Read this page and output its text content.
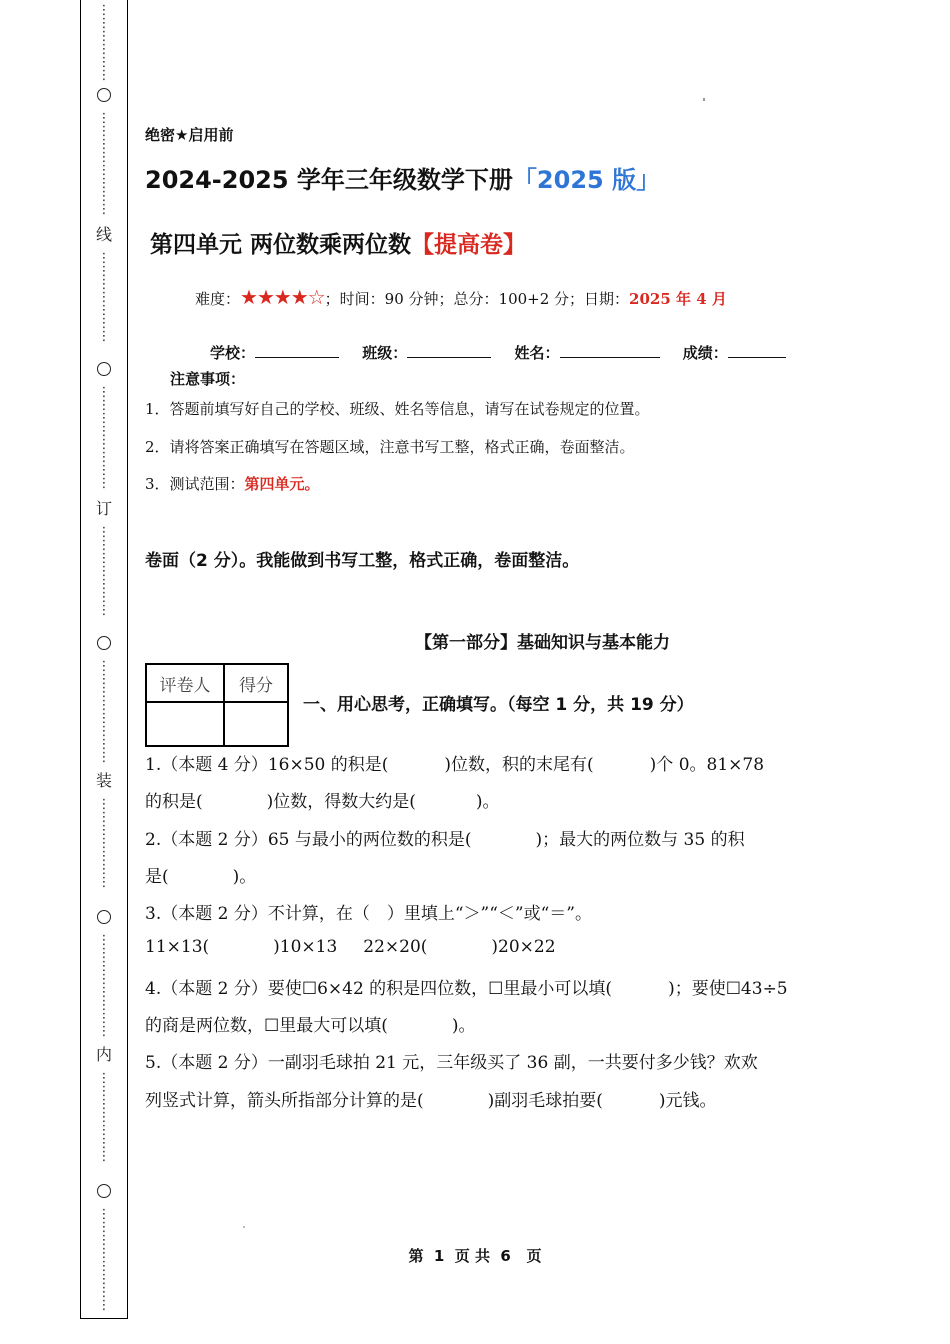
⋮
⋮
⋮
⋮
⋮
⋮
⋮
⋮
⋮
⋮
⋮
⋮
⋮
⋮
线
⋮
⋮
⋮
⋮
⋮
⋮
⋮
⋮
⋮
⋮
⋮
⋮
⋮
⋮
⋮
订
⋮
⋮
⋮
⋮
⋮
⋮
⋮
⋮
⋮
⋮
⋮
⋮
⋮
⋮
⋮
装
⋮
⋮
⋮
⋮
⋮
⋮
⋮
⋮
⋮
⋮
⋮
⋮
⋮
⋮
⋮
内
⋮
⋮
⋮
⋮
⋮
⋮
⋮
⋮
⋮
⋮
⋮
⋮
⋮
⋮
⋮
绝密★启用前
2024-2025 学年三年级数学下册「2025 版」
第四单元 两位数乘两位数【提高卷】
难度：★★★★☆；时间：90 分钟；总分：100+2 分；日期：2025 年 4 月
学校：	班级：	姓名：	成绩：
注意事项：
1．答题前填写好自己的学校、班级、姓名等信息，请写在试卷规定的位置。
2．请将答案正确填写在答题区域，注意书写工整，格式正确，卷面整洁。
3．测试范围：第四单元。
卷面（2 分）。我能做到书写工整，格式正确，卷面整洁。
【第一部分】基础知识与基本能力
评卷人	得分

一、用心思考，正确填写。（每空 1 分，共 19 分）
1.（本题 4 分）16×50 的积是(	)位数，积的末尾有(	)个 0。81×78
的积是(	)位数，得数大约是(	)。
2.（本题 2 分）65 与最小的两位数的积是(	)；最大的两位数与 35 的积
是(	)。
3.（本题 2 分）不计算，在（　）里填上“＞”“＜”或“＝”。
11×13(	)10×13 22×20(	)20×22
4.（本题 2 分）要使☐6×42 的积是四位数，☐里最小可以填(	)；要使☐43÷5
的商是两位数，☐里最大可以填(	)。
5.（本题 2 分）一副羽毛球拍 21 元，三年级买了 36 副，一共要付多少钱？欢欢
列竖式计算，箭头所指部分计算的是(	)副羽毛球拍要(	)元钱。
第  1  页 共  6   页
